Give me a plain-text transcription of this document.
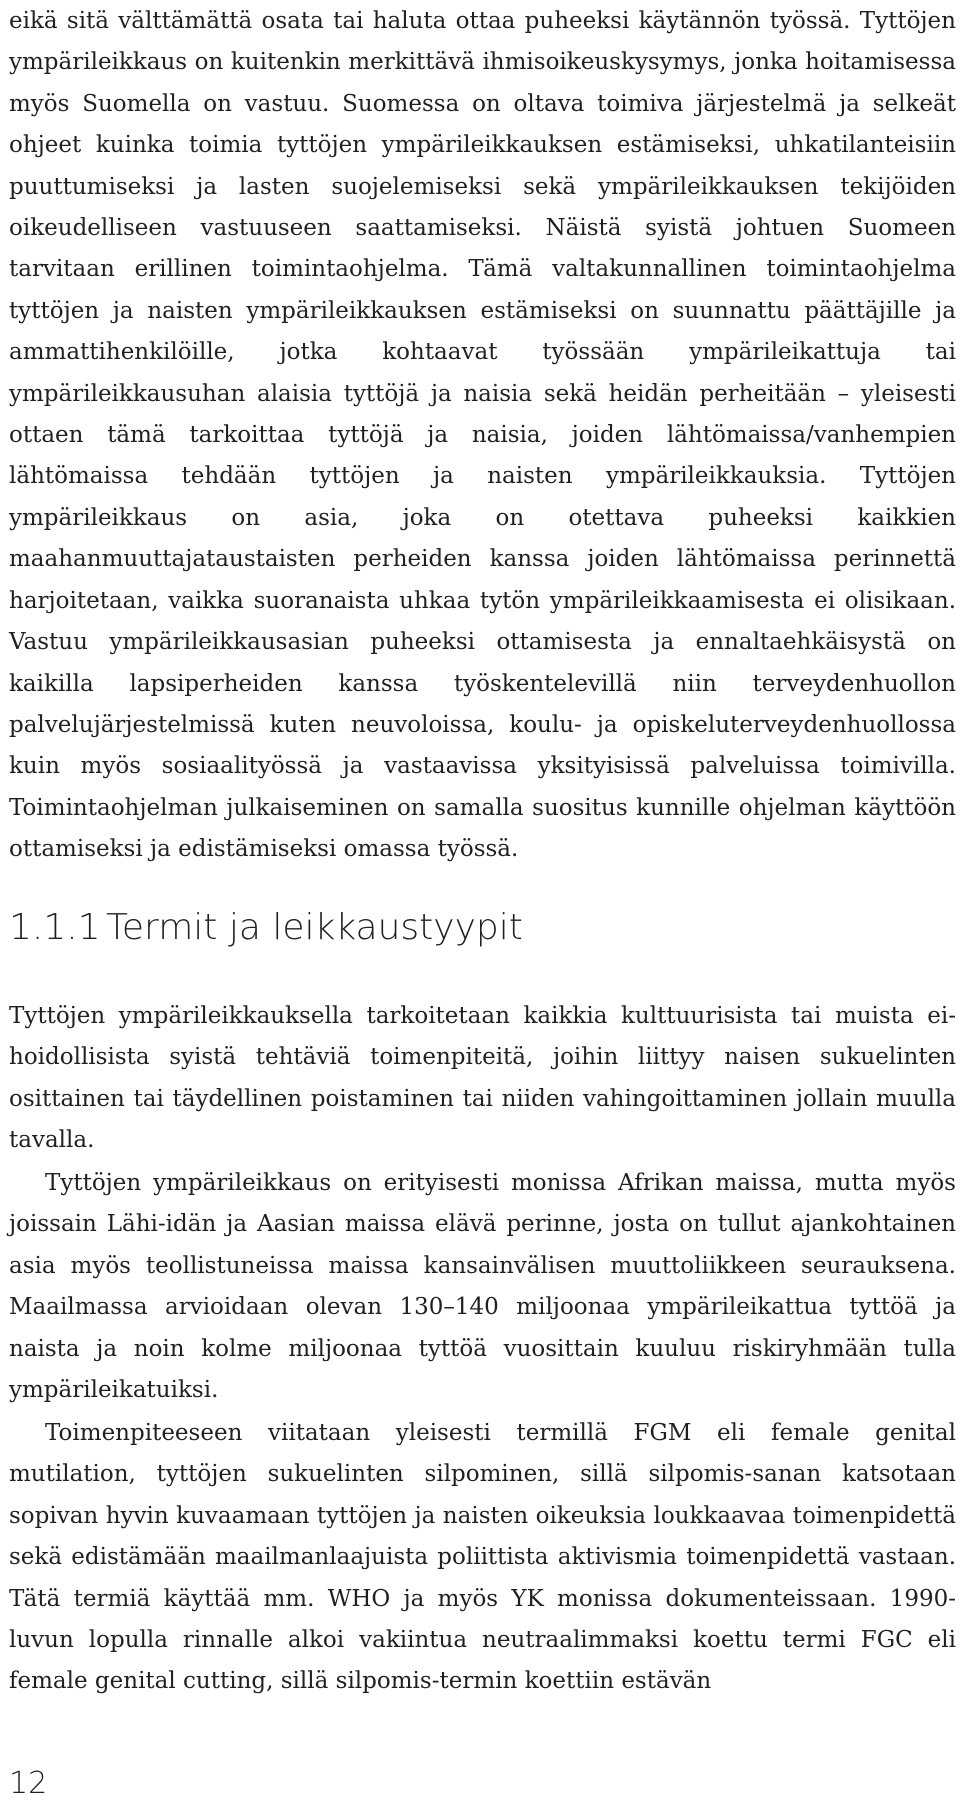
eikä sitä välttämättä osata tai haluta ottaa puheeksi käytännön työssä. Tyttöjen ympärileikkaus on kuitenkin merkittävä ihmisoikeuskysymys, jonka hoitamisessa myös Suomella on vastuu. Suomessa on oltava toimiva järjestelmä ja selkeät ohjeet kuinka toimia tyttöjen ympärileikkauksen estämiseksi, uhkatilanteisiin puuttumiseksi ja lasten suojelemiseksi sekä ympärileikkauksen tekijöiden oikeudelliseen vastuuseen saattamiseksi. Näistä syistä johtuen Suomeen tarvitaan erillinen toimintaohjelma. Tämä valtakunnallinen toimintaohjelma tyttöjen ja naisten ympärileikkauksen estämiseksi on suunnattu päättäjille ja ammattihenkilöille, jotka kohtaavat työssään ympärileikattuja tai ympärileikkausuhan alaisia tyttöjä ja naisia sekä heidän perheitään – yleisesti ottaen tämä tarkoittaa tyttöjä ja naisia, joiden lähtömaissa/vanhempien lähtömaissa tehdään tyttöjen ja naisten ympärileikkauksia. Tyttöjen ympärileikkaus on asia, joka on otettava puheeksi kaikkien maahanmuuttajataustaisten perheiden kanssa joiden lähtömaissa perinnettä harjoitetaan, vaikka suoranaista uhkaa tytön ympärileikkaamisesta ei olisikaan. Vastuu ympärileikkausasian puheeksi ottamisesta ja ennaltaehkäisystä on kaikilla lapsiperheiden kanssa työskentelevillä niin terveydenhuollon palvelujärjestelmissä kuten neuvoloissa, koulu- ja opiskeluterveydenhuollossa kuin myös sosiaalityössä ja vastaavissa yksityisissä palveluissa toimivilla. Toimintaohjelman julkaiseminen on samalla suositus kunnille ohjelman käyttöön ottamiseksi ja edistämiseksi omassa työssä.

1.1.1 Termit ja leikkaustyypit

Tyttöjen ympärileikkauksella tarkoitetaan kaikkia kulttuurisista tai muista ei-hoidollisista syistä tehtäviä toimenpiteitä, joihin liittyy naisen sukuelinten osittainen tai täydellinen poistaminen tai niiden vahingoittaminen jollain muulla tavalla.

Tyttöjen ympärileikkaus on erityisesti monissa Afrikan maissa, mutta myös joissain Lähi-idän ja Aasian maissa elävä perinne, josta on tullut ajankohtainen asia myös teollistuneissa maissa kansainvälisen muuttoliikkeen seurauksena. Maailmassa arvioidaan olevan 130–140 miljoonaa ympärileikattua tyttöä ja naista ja noin kolme miljoonaa tyttöä vuosittain kuuluu riskiryhmään tulla ympärileikatuiksi.

Toimenpiteeseen viitataan yleisesti termillä FGM eli female genital mutilation, tyttöjen sukuelinten silpominen, sillä silpomis-sanan katsotaan sopivan hyvin kuvaamaan tyttöjen ja naisten oikeuksia loukkaavaa toimenpidettä sekä edistämään maailmanlaajuista poliittista aktivismia toimenpidettä vastaan. Tätä termiä käyttää mm. WHO ja myös YK monissa dokumenteissaan. 1990-luvun lopulla rinnalle alkoi vakiintua neutraalimmaksi koettu termi FGC eli female genital cutting, sillä silpomis-termin koettiin estävän

12
